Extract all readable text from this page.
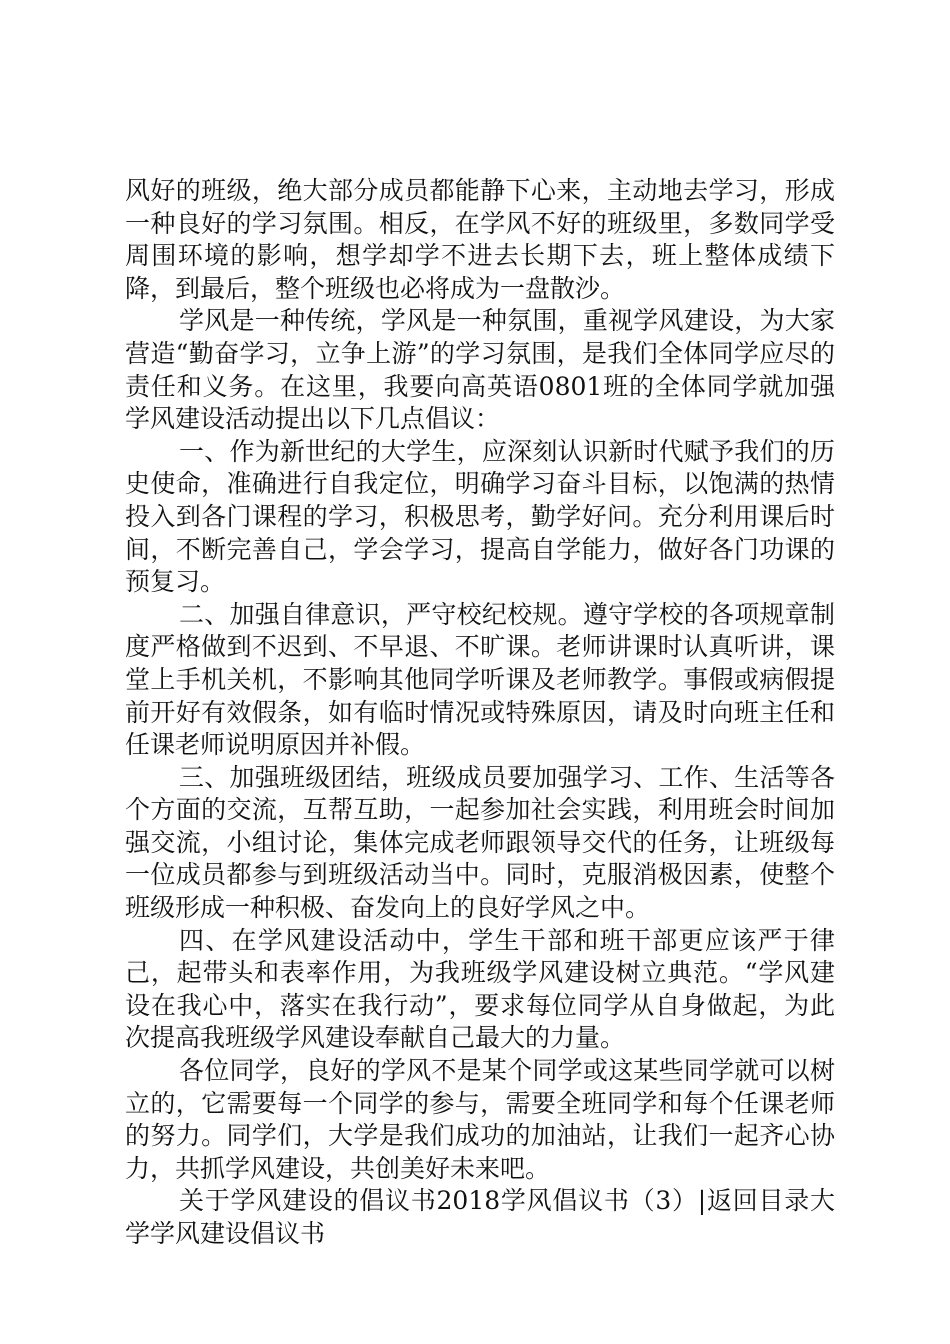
风好的班级，绝大部分成员都能静下心来，主动地去学习，形成一种良好的学习氛围。相反，在学风不好的班级里，多数同学受周围环境的影响，想学却学不进去长期下去，班上整体成绩下降，到最后，整个班级也必将成为一盘散沙。

学风是一种传统，学风是一种氛围，重视学风建设，为大家营造“勤奋学习，立争上游”的学习氛围，是我们全体同学应尽的责任和义务。在这里，我要向高英语0801班的全体同学就加强学风建设活动提出以下几点倡议：

一、作为新世纪的大学生，应深刻认识新时代赋予我们的历史使命，准确进行自我定位，明确学习奋斗目标，以饱满的热情投入到各门课程的学习，积极思考，勤学好问。充分利用课后时间，不断完善自己，学会学习，提高自学能力，做好各门功课的预复习。

二、加强自律意识，严守校纪校规。遵守学校的各项规章制度严格做到不迟到、不早退、不旷课。老师讲课时认真听讲，课堂上手机关机，不影响其他同学听课及老师教学。事假或病假提前开好有效假条，如有临时情况或特殊原因，请及时向班主任和任课老师说明原因并补假。

三、加强班级团结，班级成员要加强学习、工作、生活等各个方面的交流，互帮互助，一起参加社会实践，利用班会时间加强交流，小组讨论，集体完成老师跟领导交代的任务，让班级每一位成员都参与到班级活动当中。同时，克服消极因素，使整个班级形成一种积极、奋发向上的良好学风之中。

四、在学风建设活动中，学生干部和班干部更应该严于律己，起带头和表率作用，为我班级学风建设树立典范。“学风建设在我心中，落实在我行动”，要求每位同学从自身做起，为此次提高我班级学风建设奉献自己最大的力量。

各位同学，良好的学风不是某个同学或这某些同学就可以树立的，它需要每一个同学的参与，需要全班同学和每个任课老师的努力。同学们，大学是我们成功的加油站，让我们一起齐心协力，共抓学风建设，共创美好未来吧。

关于学风建设的倡议书2018学风倡议书（3）|返回目录大学学风建设倡议书
